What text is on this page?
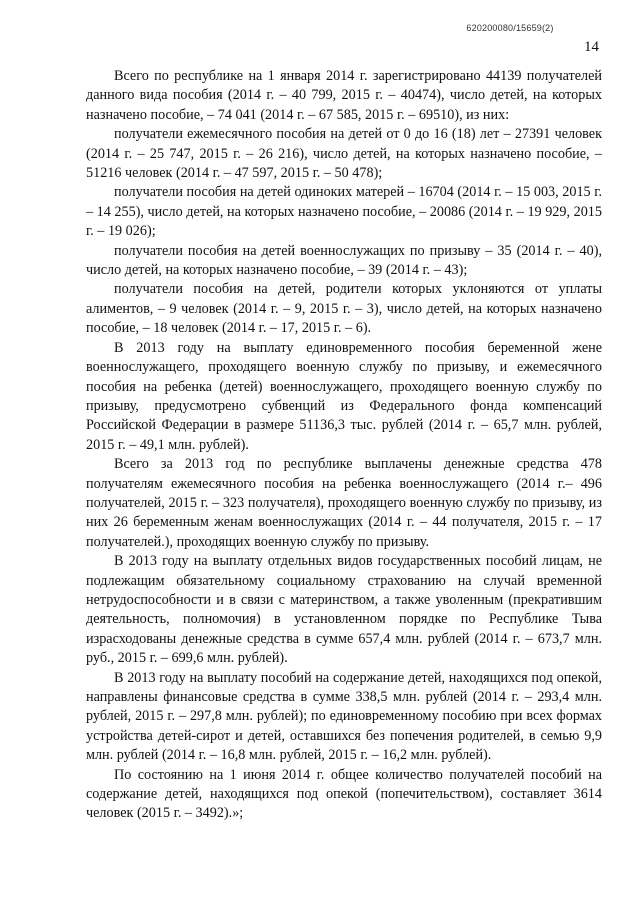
620200080/15659(2)
14

Всего по республике на 1 января 2014 г. зарегистрировано 44139 получателей данного вида пособия (2014 г. – 40 799, 2015 г. – 40474), число детей, на которых назначено пособие, – 74 041 (2014 г. – 67 585, 2015 г. – 69510), из них:

получатели ежемесячного пособия на детей от 0 до 16 (18) лет – 27391 человек (2014 г. – 25 747, 2015 г. – 26 216), число детей, на которых назначено пособие, – 51216 человек (2014 г. – 47 597, 2015 г. – 50 478);

получатели пособия на детей одиноких матерей – 16704 (2014 г. – 15 003, 2015 г. – 14 255), число детей, на которых назначено пособие, – 20086 (2014 г. – 19 929, 2015 г. – 19 026);

получатели пособия на детей военнослужащих по призыву – 35 (2014 г. – 40), число детей, на которых назначено пособие, – 39 (2014 г. – 43);

получатели пособия на детей, родители которых уклоняются от уплаты алиментов, – 9 человек (2014 г. – 9, 2015 г. – 3), число детей, на которых назначено пособие, – 18 человек (2014 г. – 17, 2015 г. – 6).

В 2013 году на выплату единовременного пособия беременной жене военнослужащего, проходящего военную службу по призыву, и ежемесячного пособия на ребенка (детей) военнослужащего, проходящего военную службу по призыву, предусмотрено субвенций из Федерального фонда компенсаций Российской Федерации в размере 51136,3 тыс. рублей (2014 г. – 65,7 млн. рублей, 2015 г. – 49,1 млн. рублей).

Всего за 2013 год по республике выплачены денежные средства 478 получателям ежемесячного пособия на ребенка военнослужащего (2014 г.– 496 получателей, 2015 г. – 323 получателя), проходящего военную службу по призыву, из них 26 беременным женам военнослужащих (2014 г. – 44 получателя, 2015 г. – 17 получателей.), проходящих военную службу по призыву.

В 2013 году на выплату отдельных видов государственных пособий лицам, не подлежащим обязательному социальному страхованию на случай временной нетрудоспособности и в связи с материнством, а также уволенным (прекратившим деятельность, полномочия) в установленном порядке по Республике Тыва израсходованы денежные средства в сумме 657,4 млн. рублей (2014 г. – 673,7 млн. руб., 2015 г. – 699,6 млн. рублей).

В 2013 году на выплату пособий на содержание детей, находящихся под опекой, направлены финансовые средства в сумме 338,5 млн. рублей (2014 г. – 293,4 млн. рублей, 2015 г. – 297,8 млн. рублей); по единовременному пособию при всех формах устройства детей-сирот и детей, оставшихся без попечения родителей, в семью 9,9 млн. рублей (2014 г. – 16,8 млн. рублей, 2015 г. – 16,2 млн. рублей).

По состоянию на 1 июня 2014 г. общее количество получателей пособий на содержание детей, находящихся под опекой (попечительством), составляет 3614 человек (2015 г. – 3492).»;
